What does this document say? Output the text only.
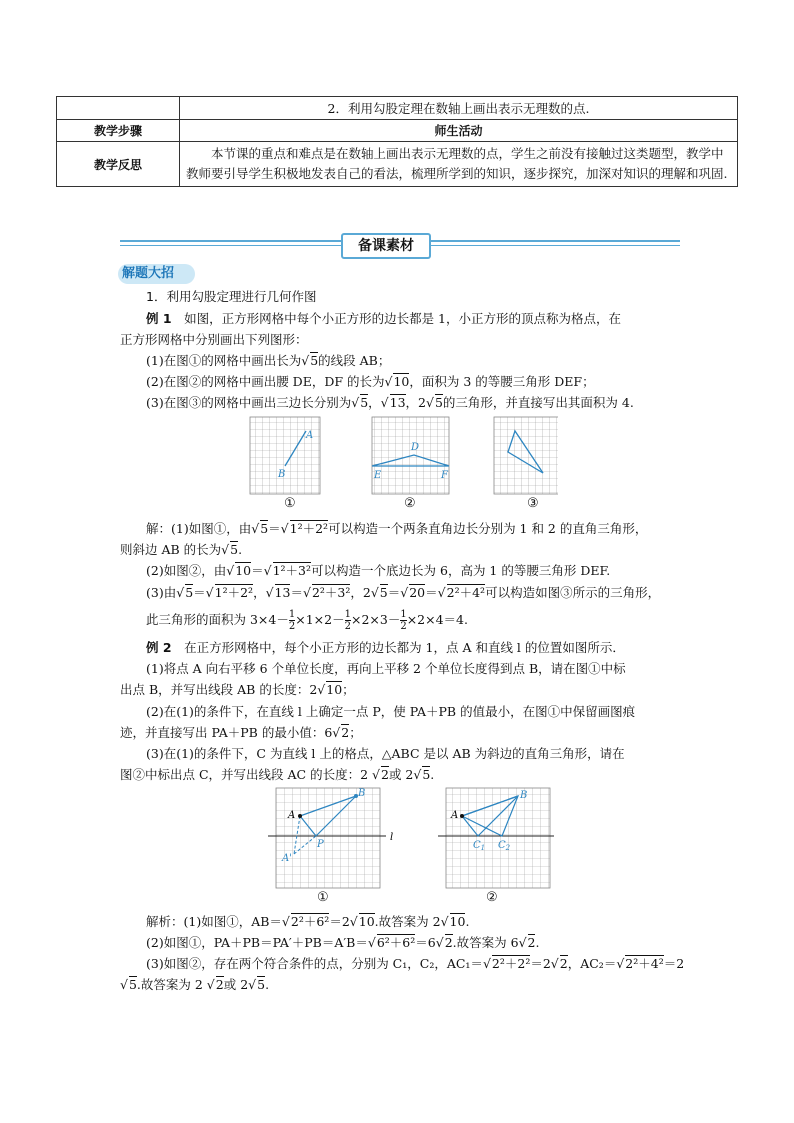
	2．利用勾股定理在数轴上画出表示无理数的点.
教学步骤	师生活动
教学反思	本节课的重点和难点是在数轴上画出表示无理数的点，学生之前没有接触过这类题型，教学中教师要引导学生积极地发表自己的看法，梳理所学到的知识，逐步探究，加深对知识的理解和巩固.
备课素材
解题大招
1．利用勾股定理进行几何作图
例 1　如图，正方形网格中每个小正方形的边长都是 1，小正方形的顶点称为格点，在
正方形网格中分别画出下列图形：
(1)在图①的网格中画出长为√5的线段 AB；
(2)在图②的网格中画出腰 DE，DF 的长为√10，面积为 3 的等腰三角形 DEF；
(3)在图③的网格中画出三边长分别为√5，√13，2√5的三角形，并直接写出其面积为 4.
A
B
D
E	F
①	②	③
解：(1)如图①，由√5＝√1²＋2²可以构造一个两条直角边长分别为 1 和 2 的直角三角形，
则斜边 AB 的长为√5.
(2)如图②，由√10＝√1²＋3²可以构造一个底边长为 6，高为 1 的等腰三角形 DEF.
(3)由√5＝√1²＋2²，√13＝√2²＋3²，2√5＝√20＝√2²＋4²可以构造如图③所示的三角形，
此三角形的面积为 $3\times 4- \frac{1}{2} \times 1\times 2- \frac{1}{2} \times 2\times 3- \frac{1}{2} \times 2\times 4=4$.
例 2　在正方形网格中，每个小正方形的边长都为 1，点 A 和直线 l 的位置如图所示．
(1)将点 A 向右平移 6 个单位长度，再向上平移 2 个单位长度得到点 B，请在图①中标
出点 B，并写出线段 AB 的长度：2√10；
(2)在(1)的条件下，在直线 l 上确定一点 P，使 PA＋PB 的值最小，在图①中保留画图痕
迹，并直接写出 PA＋PB 的最小值：6√2；
(3)在(1)的条件下，C 为直线 l 上的格点，△ABC 是以 AB 为斜边的直角三角形，请在
图②中标出点 C，并写出线段 AC 的长度：2 √2或 2√5.
l
A
B
P
A'
A
B
$C_1$ $C_2$
①	②
解析：(1)如图①，AB＝√2²＋6²＝2√10.故答案为 2√10.
(2)如图①，PA＋PB＝PA′＋PB＝A′B＝√6²＋6²＝6√2.故答案为 6√2.
(3)如图②，存在两个符合条件的点，分别为 C₁，C₂，AC₁＝√2²＋2²＝2√2，AC₂＝√2²＋4²＝2
√5.故答案为 2 √2或 2√5.
